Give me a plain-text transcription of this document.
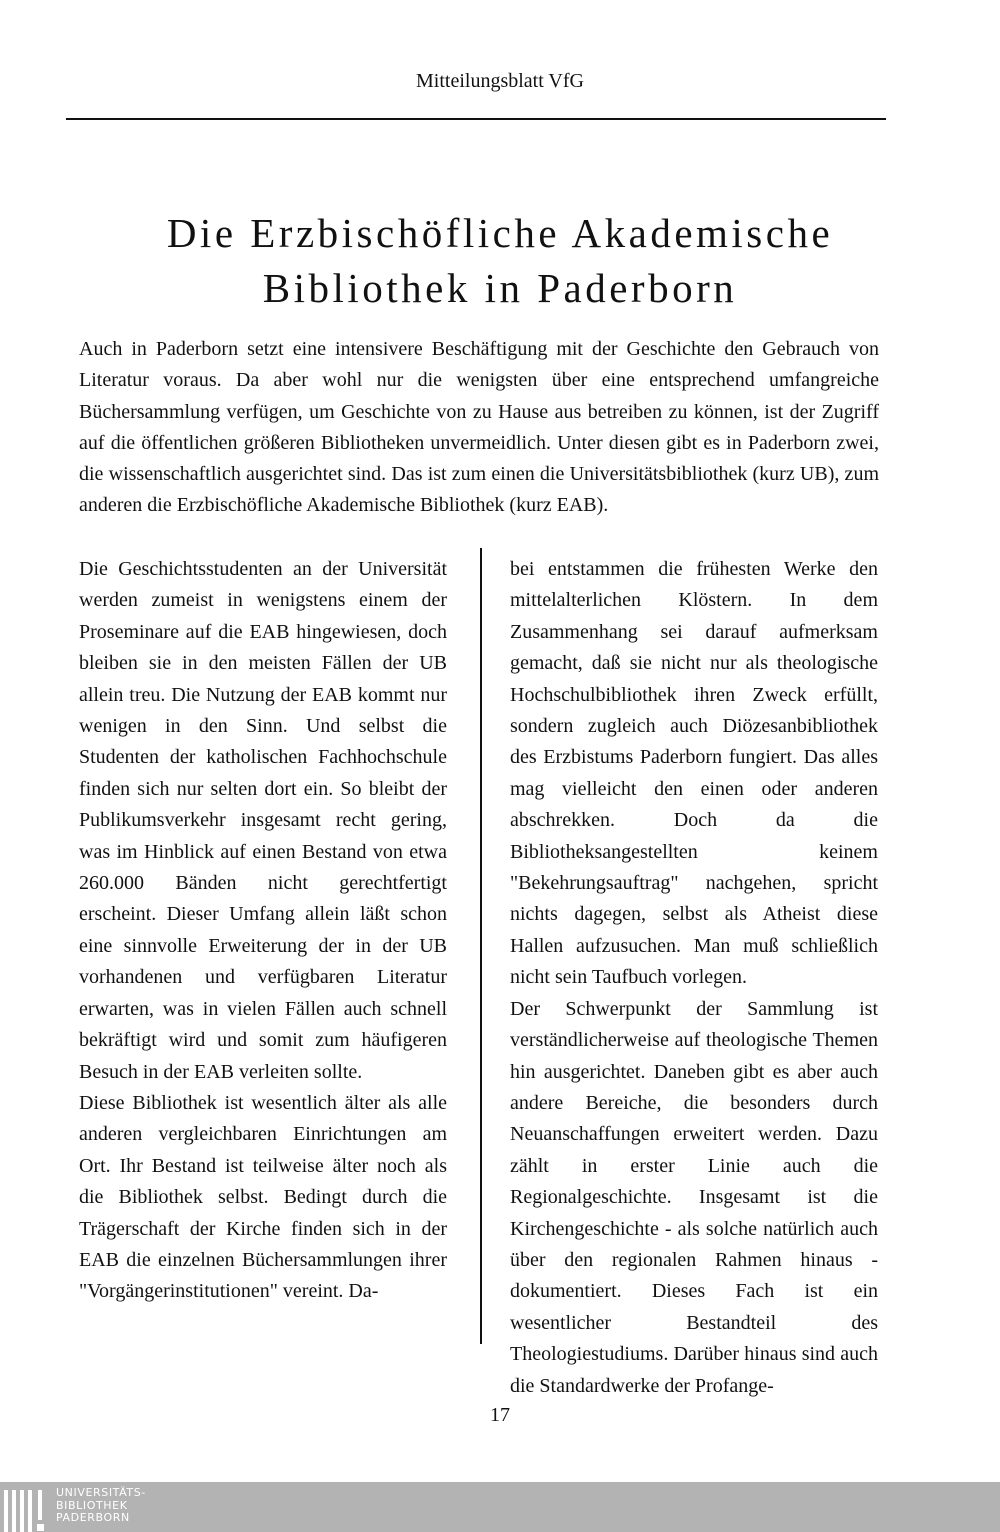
Mitteilungsblatt VfG
Die Erzbischöfliche Akademische
Bibliothek in Paderborn

Auch in Paderborn setzt eine intensivere Beschäftigung mit der Geschichte den Gebrauch von Literatur voraus. Da aber wohl nur die wenigsten über eine entsprechend umfangreiche Büchersammlung verfügen, um Geschichte von zu Hause aus betreiben zu können, ist der Zugriff auf die öffentlichen größeren Bibliotheken unvermeidlich. Unter diesen gibt es in Paderborn zwei, die wissenschaftlich ausgerichtet sind. Das ist zum einen die Universitätsbibliothek (kurz UB), zum anderen die Erzbischöfliche Akademische Bibliothek (kurz EAB).

Die Geschichtsstudenten an der Universität werden zumeist in wenigstens einem der Proseminare auf die EAB hingewiesen, doch bleiben sie in den meisten Fällen der UB allein treu. Die Nutzung der EAB kommt nur wenigen in den Sinn. Und selbst die Studenten der katholischen Fachhochschule finden sich nur selten dort ein. So bleibt der Publikumsverkehr insgesamt recht gering, was im Hinblick auf einen Bestand von etwa 260.000 Bänden nicht gerechtfertigt erscheint. Dieser Umfang allein läßt schon eine sinnvolle Erweiterung der in der UB vorhandenen und verfügbaren Literatur erwarten, was in vielen Fällen auch schnell bekräftigt wird und somit zum häufigeren Besuch in der EAB verleiten sollte.

Diese Bibliothek ist wesentlich älter als alle anderen vergleichbaren Einrichtungen am Ort. Ihr Bestand ist teilweise älter noch als die Bibliothek selbst. Bedingt durch die Trägerschaft der Kirche finden sich in der EAB die einzelnen Büchersammlungen ihrer "Vorgängerinstitutionen" vereint. Da-

bei entstammen die frühesten Werke den mittelalterlichen Klöstern. In dem Zusammenhang sei darauf aufmerksam gemacht, daß sie nicht nur als theologische Hochschulbibliothek ihren Zweck erfüllt, sondern zugleich auch Diözesanbibliothek des Erzbistums Paderborn fungiert. Das alles mag vielleicht den einen oder anderen abschrekken. Doch da die Bibliotheksangestellten keinem "Bekehrungsauftrag" nachgehen, spricht nichts dagegen, selbst als Atheist diese Hallen aufzusuchen. Man muß schließlich nicht sein Taufbuch vorlegen.

Der Schwerpunkt der Sammlung ist verständlicherweise auf theologische Themen hin ausgerichtet. Daneben gibt es aber auch andere Bereiche, die besonders durch Neuanschaffungen erweitert werden. Dazu zählt in erster Linie auch die Regionalgeschichte. Insgesamt ist die Kirchengeschichte - als solche natürlich auch über den regionalen Rahmen hinaus - dokumentiert. Dieses Fach ist ein wesentlicher Bestandteil des Theologiestudiums. Darüber hinaus sind auch die Standardwerke der Profange-

17
UNIVERSITÄTS-
BIBLIOTHEK
PADERBORN
